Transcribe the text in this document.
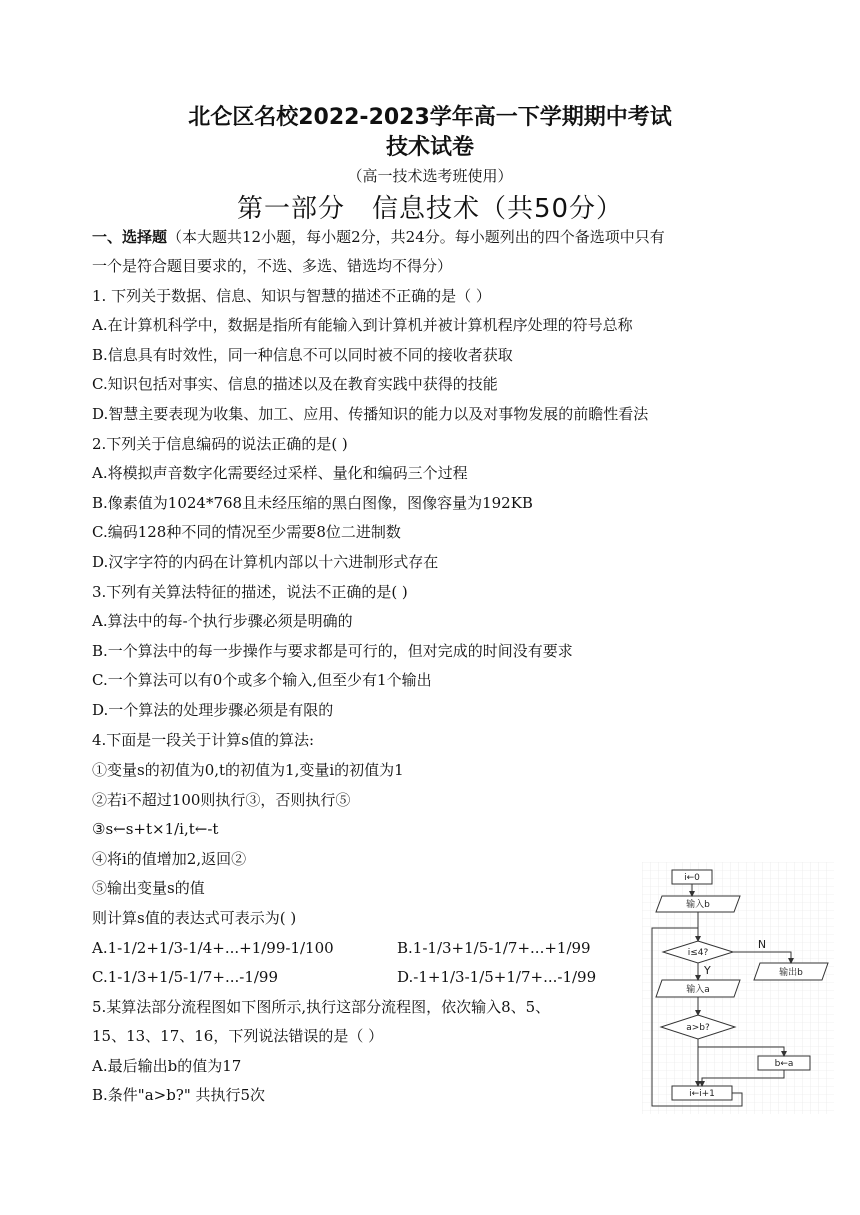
北仑区名校2022-2023学年高一下学期期中考试
技术试卷
（高一技术选考班使用）
第一部分　信息技术（共50分）
一、选择题（本大题共12小题，每小题2分，共24分。每小题列出的四个备选项中只有
一个是符合题目要求的，不选、多选、错选均不得分）
1. 下列关于数据、信息、知识与智慧的描述不正确的是（ ）
A.在计算机科学中，数据是指所有能输入到计算机并被计算机程序处理的符号总称
B.信息具有时效性，同一种信息不可以同时被不同的接收者获取
C.知识包括对事实、信息的描述以及在教育实践中获得的技能
D.智慧主要表现为收集、加工、应用、传播知识的能力以及对事物发展的前瞻性看法
2.下列关于信息编码的说法正确的是( )
A.将模拟声音数字化需要经过采样、量化和编码三个过程
B.像素值为1024*768且未经压缩的黑白图像，图像容量为192KB
C.编码128种不同的情况至少需要8位二进制数
D.汉字字符的内码在计算机内部以十六进制形式存在
3.下列有关算法特征的描述，说法不正确的是( )
A.算法中的每-个执行步骤必须是明确的
B.一个算法中的每一步操作与要求都是可行的，但对完成的时间没有要求
C.一个算法可以有0个或多个输入,但至少有1个输出
D.一个算法的处理步骤必须是有限的
4.下面是一段关于计算s值的算法:
①变量s的初值为0,t的初值为1,变量i的初值为1
②若i不超过100则执行③，否则执行⑤
③s←s+t×1/i,t←-t
④将i的值增加2,返回②
⑤输出变量s的值
则计算s值的表达式可表示为( )
A.1-1/2+1/3-1/4+...+1/99-1/100	B.1-1/3+1/5-1/7+...+1/99
C.1-1/3+1/5-1/7+...-1/99	D.-1+1/3-1/5+1/7+...-1/99
5.某算法部分流程图如下图所示,执行这部分流程图，依次输入8、5、
15、13、17、16，下列说法错误的是（ ）
A.最后输出b的值为17
B.条件"a>b?" 共执行5次
i←0
输入b
i≤4?
N
Y	输出b
输入a
a>b?
b←a
i←i+1
